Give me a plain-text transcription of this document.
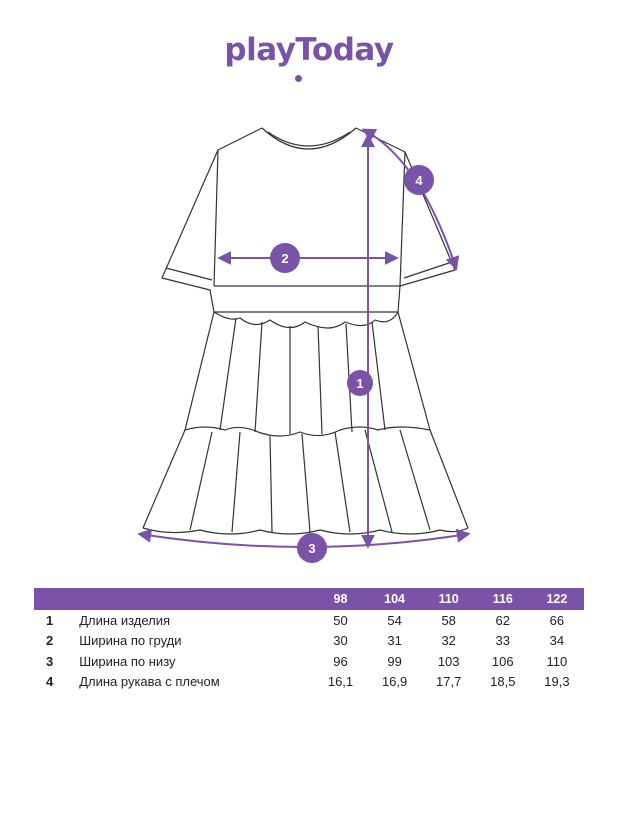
playToday
1
2
3
4
		98	104	110	116	122
1	Длина изделия	50	54	58	62	66
2	Ширина по груди	30	31	32	33	34
3	Ширина по низу	96	99	103	106	110
4	Длина рукава с плечом	16,1	16,9	17,7	18,5	19,3
